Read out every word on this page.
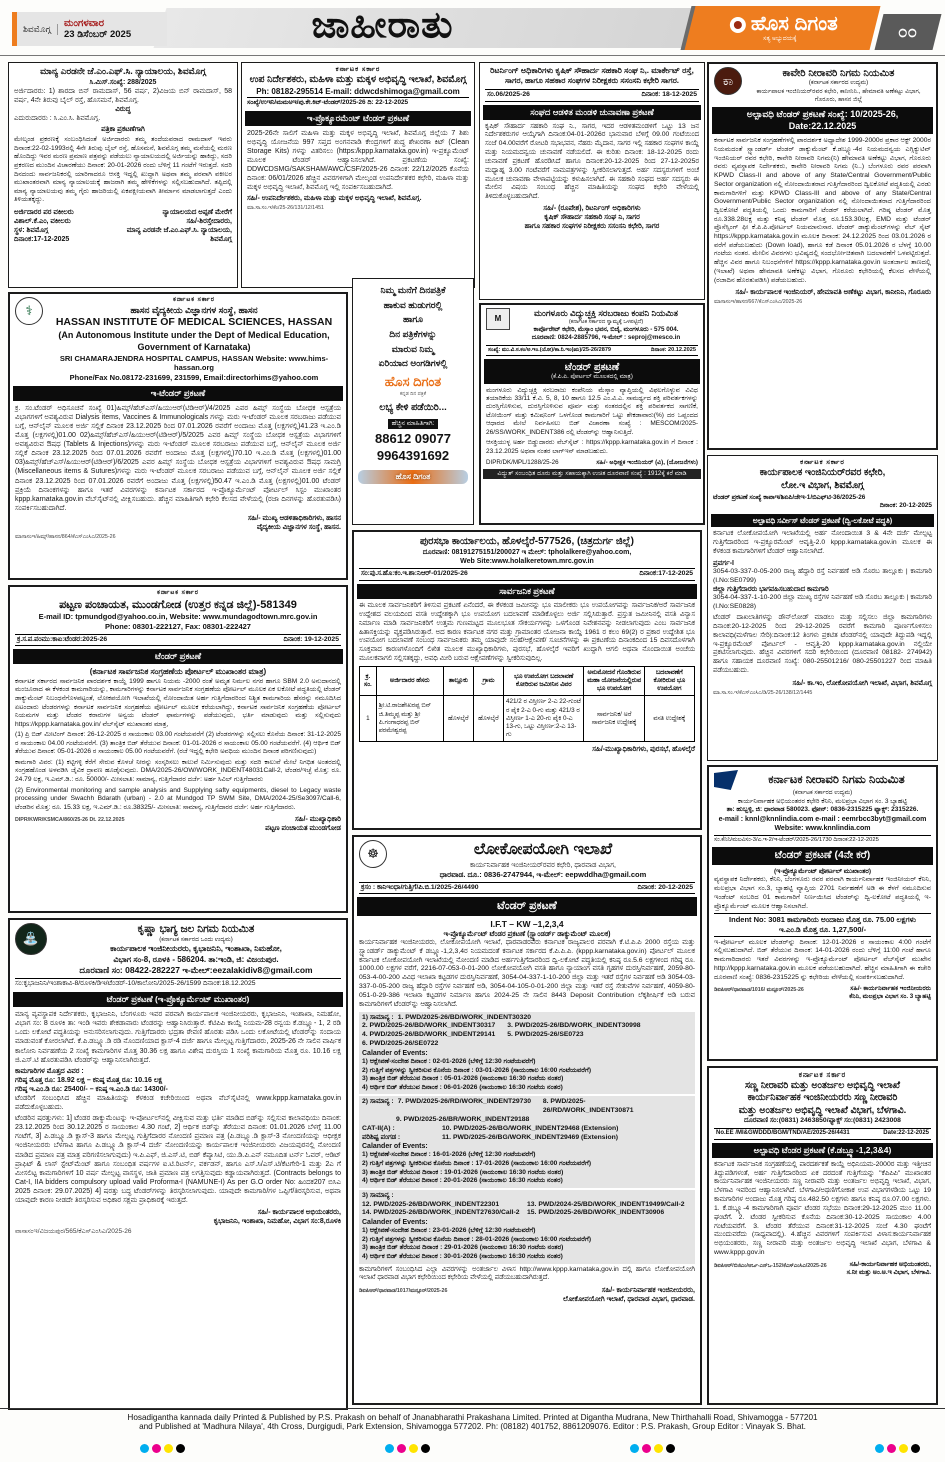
ಶಿವಮೊಗ್ಗ	ಮಂಗಳವಾರ
23 ಡಿಸೆಂಬರ್ 2025	ಜಾಹೀರಾತು	ಹೊಸ ದಿಗಂತ
ಸತ್ಯ ಅಭ್ಯುದಯಕ್ಕೆ	೦೦
ಮಾನ್ಯ ಎರಡನೇ ಜೆ.ಎಂ.ಎಫ್.ಸಿ. ನ್ಯಾಯಾಲಯ, ಶಿವಮೊಗ್ಗ
ಸಿ.ಮಿಸ್.ಸಂಖ್ಯೆ: 288/2025
ಅರ್ಜಿದಾರರು: 1) ಶಾರದಾ ಬಿನ್ ರಾಮದಾಸ್, 56 ವರ್ಷ, 2)ವಿಜಯ ಬಿನ್ ರಾಮದಾಸ್, 58 ವರ್ಷ, 4ನೇ ತಿರುವು ಬೈಲ್ ರಸ್ತೆ, ಹೊಸಮನೆ, ಶಿವಮೊಗ್ಗ.
ವಿರುದ್ಧ
ಎದುರುದಾರರು : ಸಿ.ಎಂ.ಸಿ. ಶಿವಮೊಗ್ಗ.
ಪತ್ರಿಕಾ ಪ್ರಕಟಣೆಗಾಗಿ
ಮೇಲ್ಕಂಡ ಪ್ರಕರಣಕ್ಕೆ ಸಂಬಂಧಿಸಿದಂತೆ ಅರ್ಜಿದಾರರು ತಮ್ಮ ತಂದೆಯವರಾದ ರಾಮದಾಸ್ ಇವರು ದಿನಾಂಕ:22-02-1993ರಲ್ಲಿ 4ನೇ ತಿರುವು ಬೈಲ್ ರಸ್ತೆ, ಹೊಸಮನೆ, ಶಿವಮೊಗ್ಗ ತಮ್ಮ ಮನೆಯಲ್ಲಿ ಮರಣ ಹೊಂದಿದ್ದು ಇವರ ಮರಣ ಪ್ರಮಾಣ ಪತ್ರವನ್ನು ಪಡೆಯಲು ನ್ಯಾಯಾಲಯದಲ್ಲಿ ಅರ್ಜಿಯನ್ನು ಹಾಕಿದ್ದು, ಸದರಿ ಪ್ರಕರಣದ ಮುಂದಿನ ವಿಚಾರಣೆಯು ದಿನಾಂಕ: 20-01-2026 ರಂದು ಬೆಳಿಗ್ಗೆ 11 ಗಂಟೆಗೆ ಇರುತ್ತದೆ. ಸದರಿ ದಿನದಂದು ಸಾರ್ವಜನಿಕರಲ್ಲಿ ಯಾರಿಗಾದರೂ ಆಸಕ್ತಿ ಇದ್ದಲ್ಲಿ ಖುದ್ದಾಗಿ ಅಥವಾ ತಮ್ಮ ಪರವಾಗಿ ವಕೀಲರ ಮುಖಾಂತರವಾಗಿ ಮಾನ್ಯ ನ್ಯಾಯಾಲಯಕ್ಕೆ ಹಾಜರಾಗಿ ತಮ್ಮ ಹೇಳಿಕೆಗಳನ್ನು ಸಲ್ಲಿಸಬಹುದಾಗಿದೆ. ತಪ್ಪಿದಲ್ಲಿ ಮಾನ್ಯ ನ್ಯಾಯಾಲಯವು ತಮ್ಮ ಗೈರು ಹಾಜರಿಯಲ್ಲಿ ಏಕಪಕ್ಷೀಯವಾಗಿ ತೀರ್ಮಾನ ಮಾಡಲಾಗುತ್ತದೆ ಎಂದು ತಿಳಿಯತಕ್ಕದ್ದು.
ಅರ್ಜಿದಾರರ ಪರ ವಕೀಲರು
ವಿಶಾಲ್.ಕೆ.ಎಂ, ವಕೀಲರು
ಸ್ಥಳ: ಶಿವಮೊಗ್ಗ
ದಿನಾಂಕ:17-12-2025
ನ್ಯಾಯಾಲಯದ ಅಪ್ಪಣೆ ಮೇರೆಗೆ
ಸಹಿ/-ಶಿರಸ್ತೇದಾರರು,
ಮಾನ್ಯ ಎರಡನೇ ಜೆ.ಎಂ.ಎಫ್.ಸಿ. ನ್ಯಾಯಾಲಯ,
ಶಿವಮೊಗ್ಗ
ಕರ್ನಾಟಕ ಸರ್ಕಾರ
ಉಪ ನಿರ್ದೇಶಕರು, ಮಹಿಳಾ ಮತ್ತು ಮಕ್ಕಳ ಅಭಿವೃದ್ಧಿ ಇಲಾಖೆ, ಶಿವಮೊಗ್ಗ
Ph: 08182-295514 E-mail: ddwcdshimoga@gmail.com
ಸಂಖ್ಯೆ/ಉಇನಿ/ಮಮಅಇ/ಪು.ಕೇ.ಕಿಟ್-ಟೆಂಡರ್/2025-26 ದಿ: 22-12-2025
ಇ-ಪ್ರೊಕ್ಯೂರಮೆಂಟ್ ಟೆಂಡರ್ ಪ್ರಕಟಣೆ
2025-26ನೇ ಸಾಲಿಗೆ ಮಹಿಳಾ ಮತ್ತು ಮಕ್ಕಳ ಅಭಿವೃದ್ಧಿ ಇಲಾಖೆ, ಶಿವಮೊಗ್ಗ ಜಿಲ್ಲೆಯ 7 ಶಿಶು ಅಭಿವೃದ್ಧಿ ಯೋಜನೆಯ 997 ಸಪ್ತದ ಅಂಗನವಾಡಿ ಕೇಂದ್ರಗಳಿಗೆ ಶುದ್ಧ ಶೇಖರಣಾ ಕಿಟ್ (Clean Storage Kits) ಗಳನ್ನು ವಿತರಿಸಲು (https:/kppp.karnataka.gov.in) ಇ-ಪ್ರಕ್ಯೂಮೆಂಟ್ ಮೂಲಕ ಟೆಂಡರ್ ಆಹ್ವಾನಿಸಲಾಗಿದೆ. ಪ್ರಕಟಣೆಯ ಸಂಖ್ಯೆ: DDWCDSMG/SAKSHAM/AWC/CSF/2025-26 ದಿನಾಂಕ: 22/12/2025 ಕೊನೆಯ ದಿನಾಂಕ: 06/01/2026 ಹೆಚ್ಚಿನ ವಿವರಗಳಿಗಾಗಿ ಮೇಲ್ಕಂಡ ಉಪನಿರ್ದೇಶಕರ ಕಛೇರಿ, ಮಹಿಳಾ ಮತ್ತು ಮಕ್ಕಳ ಅಭಿವೃದ್ಧಿ ಇಲಾಖೆ, ಶಿವಮೊಗ್ಗ ಇಲ್ಲಿ ಸಂಪರ್ಕಿಸಬಹುದಾಗಿದೆ.
ಸಹಿ/- ಉಪನಿರ್ದೇಶಕರು, ಮಹಿಳಾ ಮತ್ತು ಮಕ್ಕಳ ಅಭಿವೃದ್ಧಿ ಇಲಾಖೆ, ಶಿವಮೊಗ್ಗ.
ಮಾ.ಸಾ.ಸಂ.ಇ/ಕೆಂ/25-26/131/12/1451
ರಿಟರ್ನಿಂಗ್ ಅಧಿಕಾರಿಗಳು ಕೃಷಿಕ್ ಸೌಹಾರ್ದ ಸಹಕಾರಿ ಸಂಘ ನಿ,. ಮಾರ್ಕೇಟ್ ರಸ್ತೆ, ಸಾಗರ, ಹಾಗೂ ಸಹಕಾರ ಸಂಘಗಳ ನಿರೀಕ್ಷಕರು ಸಸಂಸನಿ ಕಛೇರಿ ಸಾಗರ.
ಸಂ.06/2025-26	ದಿನಾಂಕ: 18-12-2025
ಸಂಘದ ಆಡಳಿತ ಮಂಡಳಿ ಚುನಾವಣಾ ಪ್ರಕಟಣೆ
ಕೃಷಿಕ್ ಸೌಹಾರ್ದ ಸಹಕಾರಿ ಸಂಘ ನಿ., ಸಾಗರ, ಇದರ ಆಡಳಿತಮಂಡಳಿಗೆ ಒಟ್ಟು 13 ಜನ ನಿರ್ದೇಶಕರುಗಳ ಆಯ್ಕೆಗಾಗಿ ದಿನಾಂಕ:04-01-2026ರ ಭಾನುವಾರ ಬೆಳಿಗ್ಗೆ 09.00 ಗಂಟೆಯಿಂದ ಸಂಜೆ 04.00ವರೆಗೆ ರೋಟರಿ ಸಭಾಭವನ, ನೆಹರು ಮೈದಾನ, ಸಾಗರ ಇಲ್ಲಿ ಸಹಕಾರ ಸಂಘಗಳ ಕಾಯ್ದೆ ಮತ್ತು ನಿಯಮದನ್ವಯ ಚುನಾವಣೆ ನಡೆಯಲಿದೆ. ಈ ಕುರಿತು ದಿನಾಂಕ: 18-12-2025 ರಂದು ಚುನಾವಣೆ ಪ್ರಕಟಣೆ ಹೊರಡಿಸಿದೆ ಹಾಗೂ ದಿನಾಂಕ:20-12-2025 ರಿಂದ 27-12-2025ರ ಮಧ್ಯಾಹ್ನ 3.00 ಗಂಟೆವರೆಗೆ ನಾಮಪತ್ರಗಳನ್ನು ಸ್ವೀಕರಿಸಲಾಗುತ್ತದೆ. ಅರ್ಹ ಸದಸ್ಯರುಗಳಿಗೆ ಅಂಚೆ ಮೂಲಕ ಚುನಾವಣಾ ವೇಳಾಪಟ್ಟಿಯನ್ನು ಕಳುಹಿಸಲಾಗಿದೆ. ಈ ಸಹಕಾರಿ ಸಂಘದ ಅರ್ಹ ಸದಸ್ಯರು ಈ ಮೇಲಿನ ವಿಷಯ ಸಂಬಂಧ ಹೆಚ್ಚಿನ ಮಾಹಿತಿಯನ್ನು ಸಂಘದ ಕಛೇರಿ ವೇಳೆಯಲ್ಲಿ ತಿಳಿದುಕೊಳ್ಳಬಹುದಾಗಿದೆ.
ಸಹಿ/- (ರೂಪೇಶ), ರಿಟರ್ನಿಂಗ್ ಅಧಿಕಾರಿಗಳು
ಕೃಷಿಕ್ ಸೌಹಾರ್ದ ಸಹಕಾರಿ ಸಂಘ ನಿ, ಸಾಗರ
ಹಾಗೂ ಸಹಕಾರ ಸಂಘಗಳ ನಿರೀಕ್ಷಕರು ಸಸಂಸನಿ ಕಛೇರಿ, ಸಾಗರ
ಕಾ	ಕಾವೇರಿ ನೀರಾವರಿ ನಿಗಮ ನಿಯಮಿತ
(ಕರ್ನಾಟಕ ಸರ್ಕಾರದ ಉದ್ಯಮ)
ಕಾರ್ಯಪಾಲಕ ಇಂಜಿನಿಯರ್‌ರವರ ಕಛೇರಿ, ಕಾನೀನಿನಿ., ಹೇಮಾವತಿ ಅಣೆಕಟ್ಟು ವಿಭಾಗ, ಗೊರೂರು, ಹಾಸನ ಜಿಲ್ಲೆ
ಅಲ್ಪಾವಧಿ ಟೆಂಡರ್ ಪ್ರಕಟಣೆ ಸಂಖ್ಯೆ: 10/2025-26, Date:22.12.2025
ಕರ್ನಾಟಕ ಸಾರ್ವಜನಿಕ ಸಂಗ್ರಹಣೆಗಳಲ್ಲಿ ಪಾರದರ್ಶಕ ಅಧ್ಯಾದೇಶ 1999-2000ರ ಪ್ರಕಾರ ಆಕ್ಟ್ 2000ರ ನಿಯಮದಂತೆ ಸ್ಟ್ಯಾಂಡರ್ಡ್ ಟೆಂಡರ್ ಡಾಕ್ಯುಮೆಂಟ್ ಕೆ.ಡಬ್ಲ್ಯೂ-4ರ ನಿಯಮದನ್ವಯ ಎಗ್ಸಿಕ್ಯುಟಿವ್ ಇಂಜಿನಿಯರ್ ರವರ ಕಛೇರಿ, ಕಾವೇರಿ ನೀರಾವರಿ ನಿಗಮ(ನಿ) ಹೇಮಾವತಿ ಅಣೆಕಟ್ಟು ವಿಭಾಗ, ಗೊರೂರು ರವರು ವ್ಯವಸ್ಥಾಪಕ ನಿರ್ದೇಶಕರು, ಕಾವೇರಿ ನೀರಾವರಿ ನಿಗಮ (ನಿ..) ಬೆಂಗಳೂರು ರವರ ಪರವಾಗಿ KPWD Class-II and above of any State/Central Government/Public Sector organization ನಲ್ಲಿ ನೋಂದಾಯಿತರಾದ ಗುತ್ತಿಗೆದಾರರಿಂದ ದ್ವಿಲಕೋಟೆ ಪದ್ಧತಿಯಲ್ಲಿ ಎರಡು ಕಾಮಗಾರಿಗಳಿಗೆ ಮತ್ತು KPWD Class-III and above of any State/Central Government/Public Sector organization ನಲ್ಲಿ ನೋಂದಾಯಿತರಾದ ಗುತ್ತಿಗೆದಾರರಿಂದ ದ್ವಿಲಕೋಟೆ ಪದ್ಧತಿಯಲ್ಲಿ ಒಂದು ಕಾಮಗಾರಿಗೆ ಟೆಂಡರ್ ಕರೆಯಲಾಗಿದೆ. ಗರಿಷ್ಠ ಟೆಂಡರ್ ಮೊತ್ತ ರೂ.338.28ಲಕ್ಷ ಮತ್ತು ಕನಿಷ್ಠ ಟೆಂಡರ್ ಮೊತ್ತ ರೂ.153.30ಲಕ್ಷ, EMD ಮತ್ತು ಟೆಂಡರ್ ಪ್ರೊಸೆಸ್ಸಿಂಗ್ ಫೀ ಕೆ.ಪಿ.ಪಿ.ಪೋರ್ಟಲ್ ನಿಯಮಾನುಸಾರ. ಟೆಂಡರ್ ಡಾಕ್ಯುಮೆಂಟ್‌ಗಳನ್ನು ವೆಬ್ ಸೈಟ್ https://kppp.karnataka.gov.in ಮೂಲಕ ದಿನಾಂಕ: 24.12.2025 ರಿಂದ 03.01.2026 ರ ವರೆಗೆ ಪಡೆಯಬಹುದು (Down load), ಹಾಗೂ ಕಡೆ ದಿನಾಂಕ 05.01.2026 ರ ಬೆಳಗ್ಗೆ 10.00 ಗಂಟೆಯ ನಂತರ. ಮೇಲಿನ ವಿವರಗಳು ಭವಿಷ್ಯದಲ್ಲಿ ಸಂದರ್ಭೋಚಿತವಾಗಿ ಬದಲಾವಣೆಗೆ ಒಳಪಟ್ಟಿರುತ್ತದೆ. ಹೆಚ್ಚಿನ ವಿವರ ಹಾಗೂ ನಿಬಂಧನೆಗಳಿಗೆ https://kppp.karnataka.gov.in ಅಂತರ್ಜಾಲ ತಾಣದಲ್ಲಿ (ಇಲಾಖೆ) ಅಥವಾ ಹೇಮಾವತಿ ಅಣೆಕಟ್ಟು ವಿಭಾಗ, ಗೊರೂರು ಕಛೇರಿಯಲ್ಲಿ ಕೆಲಸದ ವೇಳೆಯಲ್ಲಿ (ರಜಾದಿನ ಹೊರತುಪಡಿಸಿ) ಪಡೆಯಬಹುದು.
ಸಹಿ/- ಕಾರ್ಯಪಾಲಕ ಇಂಜಿನಿಯರ್, ಹೇಮಾವತಿ ಅಣೆಕಟ್ಟು ವಿಭಾಗ, ಕಾನೀನಿನಿ, ಗೊರೂರು
ಮಾಸಾಸಂಇ/ಹಾಸನ/667/ಕೆಎಸ್‌ಎಂಸಿಎ/2025-26
⚕
ಕರ್ನಾಟಕ ಸರ್ಕಾರ
ಹಾಸನ ವೈದ್ಯಕೀಯ ವಿಜ್ಞಾನಗಳ ಸಂಸ್ಥೆ, ಹಾಸನ
HASSAN INSTITUTE OF MEDICAL SCIENCES, HASSAN
(An Autonomous Institute under the Dept of Medical Education, Government of Karnataka)
SRI CHAMARAJENDRA HOSPITAL CAMPUS, HASSAN Website: www.hims-hassan.org
Phone/Fax No.08172-231699, 231599, Email:directorhims@yahoo.com
ಇ-ಟೆಂಡರ್ ಪ್ರಕಟಣೆ
ಕ್ರ. ಸಂ.ಟೆಂಡರ್ ಅಧಿಸೂಚನೆ ಸಂಖ್ಯೆ 01)ಹಿಮ್ಸ್/ಹೆಚ್‌ಎಸ್/ಹಿಯುಆರ್(ಟಿಡಿಆರ್)/4/2025 ಎವರ ಹಿಮ್ಸ್ ಸಂಸ್ಥೆಯ ಬೋಧಕ ಆಸ್ಪತ್ರೆಯ ವಿಭಾಗಗಳಿಗೆ ಅವಶ್ಯವಿರುವ Dialysis items, Vaccines & Immunologicals ಗಳನ್ನು ಮರು ಇ-ಟೆಂಡರ್ ಮೂಲಕ ಸರಬರಾಜು ಪಡೆಯುವ ಬಗ್ಗೆ, ಆನ್‌ಲೈನ್ ಮೂಲಕ ಅರ್ಜಿ ಸಲ್ಲಿಕೆ ದಿನಾಂಕ 23.12.2025 ರಿಂದ 07.01.2026 ರವರೆಗೆ ಅಂದಾಜು ಮೊತ್ತ (ಲಕ್ಷಗಳಲ್ಲಿ)41.23 ಇ.ಎಂ.ಡಿ ಮೊತ್ತ (ಲಕ್ಷಗಳಲ್ಲಿ)01.00 02)ಹಿಮ್ಸ್/ಹೆಚ್‌ಎಸ್/ಹಿಯುಆರ್(ಟಿಡಿಆರ್)/5/2025 ಎವರ ಹಿಮ್ಸ್ ಸಂಸ್ಥೆಯ ಬೋಧಕ ಆಸ್ಪತ್ರೆಯ ವಿಭಾಗಗಳಿಗೆ ಅವಶ್ಯವಿರುವ ಔಷಧ (Tablets & Injections)ಗಳನ್ನು ಮರು ಇ-ಟೆಂಡರ್ ಮೂಲಕ ಸರಬರಾಜು ಪಡೆಯುವ ಬಗ್ಗೆ, ಆನ್‌ಲೈನ್ ಮೂಲಕ ಅರ್ಜಿ ಸಲ್ಲಿಕೆ ದಿನಾಂಕ 23.12.2025 ರಿಂದ 07.01.2026 ರವರೆಗೆ ಅಂದಾಜು ಮೊತ್ತ (ಲಕ್ಷಗಳಲ್ಲಿ)70.10 ಇ.ಎಂ.ಡಿ ಮೊತ್ತ (ಲಕ್ಷಗಳಲ್ಲಿ)01.00 03)ಹಿಮ್ಸ್/ಹೆಚ್‌ಎಸ್/ಹಿಯುಆರ್(ಟಿಡಿಆರ್)/6/2025 ಎವರ ಹಿಮ್ಸ್ ಸಂಸ್ಥೆಯ ಬೋಧಕ ಆಸ್ಪತ್ರೆಯ ವಿಭಾಗಗಳಿಗೆ ಅವಶ್ಯವಿರುವ ಔಷಧ ಸಾಮಗ್ರಿ (Miscellaneous items & Sutures)ಗಳನ್ನು ಮರು ಇ-ಟೆಂಡರ್ ಮೂಲಕ ಸರಬರಾಜು ಪಡೆಯುವ ಬಗ್ಗೆ, ಆನ್‌ಲೈನ್ ಮೂಲಕ ಅರ್ಜಿ ಸಲ್ಲಿಕೆ ದಿನಾಂಕ 23.12.2025 ರಿಂದ 07.01.2026 ರವರೆಗೆ ಅಂದಾಜು ಮೊತ್ತ (ಲಕ್ಷಗಳಲ್ಲಿ)50.47 ಇ.ಎಂ.ಡಿ ಮೊತ್ತ (ಲಕ್ಷಗಳಲ್ಲಿ)01.00 ಟೆಂಡರ್ ಪ್ರಕ್ರಿಯೆ ದಿನಾಂಕಗಳನ್ನು ಹಾಗೂ ಇತರೆ ವಿವರಗಳನ್ನು ಕರ್ನಾಟಕ ಸರ್ಕಾರದ ಇ-ಪ್ರೊಕ್ಯೂರ್ಮೆಂಟ್ ಪೋರ್ಟಲ್ ಸಿಸ್ಟಂ ಮುಖಾಂತರ kppp.karnataka.gov.in ವೆಬ್‌ಸೈಟ್‌ನಲ್ಲಿ ವೀಕ್ಷಿಸಬಹುದು. ಹೆಚ್ಚಿನ ಮಾಹಿತಿಗಾಗಿ ಕಛೇರಿ ಕೆಲಸದ ವೇಳೆಯಲ್ಲಿ (ರಜಾ ದಿನಗಳನ್ನು ಹೊರತುಪಡಿಸಿ) ಸಂಪರ್ಕಿಸಬಹುದಾಗಿದೆ.
ಸಹಿ/- ಮುಖ್ಯ ಆಡಳಿತಾಧಿಕಾರಿಗಳು, ಹಾಸನ
ವೈದ್ಯಕೀಯ ವಿಜ್ಞಾನಗಳ ಸಂಸ್ಥೆ, ಹಾಸನ.
ಮಾಸಾಸಂಇ/ಹಿಮ್ಸ್/ಹಾಸನ/864/ಕೆಎಸ್‌ಎಂಸಿಎ/2025-26
ನಿಮ್ಮ ಮನೆಗೆ ದಿನಪತ್ರಿಕೆ
ಹಾಕುವ ಹುಡುಗರಲ್ಲಿ
ಹಾಗೂ
ದಿನ ಪತ್ರಿಕೆಗಳನ್ನು
ಮಾರುವ ನಿಮ್ಮ
ಏರಿಯಾದ ಅಂಗಡಿಗಳಲ್ಲಿ
ಹೊಸ ದಿಗಂತ
ಕನ್ನಡ ದಿನ ಪತ್ರಿಕೆ
ಲಭ್ಯ ಕೇಳಿ ಪಡೆಯಿರಿ...
ಹೆಚ್ಚಿನ ಮಾಹಿತಿಗಾಗಿ:
88612 09077
9964391692
ಹೊಸ ದಿಗಂತ
M
ಮಂಗಳೂರು ವಿದ್ಯುಚ್ಛಕ್ತಿ ಸರಬರಾಜು ಕಂಪನಿ ನಿಯಮಿತ
(ಕರ್ನಾಟಕ ಸರ್ಕಾರದ ಸ್ವಾಮ್ಯಕ್ಕೆ ಒಳಪಟ್ಟಿದೆ)
ಕಾರ್ಪೊರೇಟ್ ಕಛೇರಿ, ಮೆಸ್ಕಾಂ ಭವನ, ಬಿಜೈ, ಮಂಗಳೂರು - 575 004.
ದೂರವಾಣಿ: 0824-2885796, ಇ-ಮೇಲ್ : seproj@mesco.in
ಸಂಖ್ಯೆ: ಮು.ವಿ.ಸ.ಕಂ/ಅ.ಇಂ.(ಯೋ)/ಕಾ.ನಿ.ಇಂ(ಋ)/25-26/2879	ದಿನಾಂಕ: 20.12.2025
ಟೆಂಡರ್ ಪ್ರಕಟಣೆ
(ಕೆ.ಪಿ.ಪಿ. ಪೋರ್ಟಲ್ ಮೂಲಕದಲ್ಲಿ ಮಾತ್ರ)
ಮಂಗಳೂರು ವಿದ್ಯುಚ್ಛಕ್ತಿ ಸರಬರಾಜು ಕಂಪೆನಿಯ ಮೆಸ್ಕಾಂ ವ್ಯಾಪ್ತಿಯಲ್ಲಿ ವಿಫಲಗೊಳ್ಳುವ ವಿವಿಧ ತಯಾರಿಕೆಯ 33/11 ಕೆ.ವಿ. 5, 8, 10 ಹಾಗೂ 12.5 ಎಂ.ವಿ.ಎ. ಸಾಮರ್ಥ್ಯದ ಶಕ್ತಿ ಪರಿವರ್ತಕಗಳನ್ನು ದುರಸ್ತಿಗೊಳಿಸುವ, ದುರಸ್ತಿಗೊಳಿಸುವ ಪೂರ್ವ ಮತ್ತು ನಂತರದಲ್ಲಿನ ಶಕ್ತಿ ಪರಿವರ್ತಕದ ಸಾಗಣಿಕೆ, ಟೋಯಿಂಗ್ ಮತ್ತು ಕಮಿಷನಿಂಗ್ ಒಳಗೊಂಡ ಕಾಮಗಾರಿಗೆ ಒಟ್ಟು ಶೇಕಡಾವಾರು(%) ದರ ಒಪ್ಪಂದದ ಆಧಾರದ ಮೇಲೆ ನಿರ್ವಹಿಸಲು ಬಿಡ್ ವಿಚಾರಣಾ ಸಂಖ್ಯೆ : MESCOM/2025-26/SS/WORK_INDENT386 ರಲ್ಲಿ ಟೆಂಡರ್‌ನ್ನು ಆಹ್ವಾನಿಸುತ್ತಿದೆ.
ಆಸಕ್ತಿಯುಳ್ಳ ಅರ್ಹ ಬಿಡ್ಡುದಾರರು ವೆಬ್‌ಸೈಟ್ : https://kppp.karnataka.gov.in ಗೆ ದಿನಾಂಕ : 23.12.2025 ಅಥವಾ ನಂತರ ಲಾಗ್‌ಇನ್ ಮಾಡಬಹುದು.
DIPR/DK/MPL/1288/25-26	ಸಹಿ/- ಅಧೀಕ್ಷಕ ಇಂಜಿನಿಯರ್ (ವಿ), (ಯೋಜನೆಗಳು)
ವಿದ್ಯುತ್ ಸಂಬಂಧಿತ ದೂರು ಮತ್ತು ಸಹಾಯಕ್ಕಾಗಿ ಉಚಿತ ದೂರವಾಣಿ ಸಂಖ್ಯೆ : 1912ಕ್ಕೆ ಕರೆ ಮಾಡಿ
ಕರ್ನಾಟಕ ಸರ್ಕಾರ
ಕಾರ್ಯಪಾಲಕ ಇಂಜಿನಿಯರ್‌ರವರ ಕಛೇರಿ,
ಲೋ.ಇ ವಿಭಾಗ, ಶಿವಮೊಗ್ಗ
ಟೆಂಡರ್ ಪ್ರಕಟಣೆ ಸಂಖ್ಯೆ ಕಾಪಾಇ/ಶಿಏಪಿ/ಜೇಇ-1/ಬಿಎಫ್‌ಟಿ-36/2025-26
ದಿನಾಂಕ: 20-12-2025
ಅಲ್ಪಾವಧಿ ಸರ್ವೀಸ್ ಟೆಂಡರ್ ಪ್ರಕಟಣೆ (ದ್ವಿ-ಲಕೋಟೆ ಪದ್ಧತಿ)
ಕರ್ನಾಟಕ ಲೋಕೋಪಯೋಗಿ ಇಲಾಖೆಯಲ್ಲಿ ಅರ್ಹ ನೋಂದಾಯಿತ 3 & 4ನೇ ದರ್ಜೆ ಮೇಲ್ಪಟ್ಟ ಗುತ್ತಿಗೆದಾರರಿಂದ ಇ-ಪ್ರಕ್ಯೂರಮೆಂಟ್ ಆವೃತ್ತಿ-2.0 kppp.karnataka.gov.in ಮೂಲಕ ಈ ಕೆಳಕಂಡ ಕಾಮಗಾರಿಗಳಿಗೆ ಟೆಂಡರ್ ಆಹ್ವಾನಿಸಲಾಗಿದೆ.
ಪ್ರವರ್ಗ-I
3054-03-337-0-05-200 ರಾಜ್ಯ ಹೆದ್ದಾರಿ ರಸ್ತೆ ನಿರ್ವಹಣೆ ಅಡಿ ಸೊರಬ ತಾಲ್ಲೂಕು | ಕಾಮಗಾರಿ (I.No:SE0799)
ಜಿಲ್ಲಾ ಗುತ್ತಿಗೆದಾರರು ಭಾಗವಹಿಸಬಹುದಾದ ಕಾಮಗಾರಿ
3054-04-337-1-10-200 ಜಿಲ್ಲಾ ಮುಖ್ಯ ರಸ್ತೆಗಳ ನಿರ್ವಹಣೆ ಅಡಿ ಸೊರಬ ತಾಲ್ಲೂಕು | ಕಾಮಗಾರಿ (I.No:SE0828)
ಟೆಂಡರ್ ದಾಖಲಾತಿಗಳನ್ನು ಡೌನ್‌ಲೋಡ್ ಮಾಡಲು ಮತ್ತು ಸಲ್ಲಿಸಲು ಜಿಲ್ಲಾ ಕಾಮಗಾರಿಗಳು ದಿನಾಂಕ:20-12-2025 ರಿಂದ 29-12-2025 ರವರೆಗೆ ಕಾಮಗಾರಿ ಪೂರ್ಣಗೊಳಿಸಲು ಕಾಲಾವಧಿ(ಮಳೆಗಾಲ ಸೇರಿ):ದಿನಾಂಕ:12 ತಿಂಗಳು ಪ್ರಕಟಿತ ಟೆಂಡರ್‌ನಲ್ಲಿ ಯಾವುದೇ ತಿದ್ದುಪಡಿ ಇದ್ದಲ್ಲಿ ಇ-ಪ್ರಕ್ಯೂರಮೆಂಟ್ ಪೋರ್ಟಲ್ - ಆವೃತ್ತಿ-20 kppp.karnataka.gov.in ನಲ್ಲಿಯೇ ಪ್ರಕಟಿಸಲಾಗುವುದು. ಹೆಚ್ಚಿನ ವಿವರಗಳಿಗೆ ಸದರಿ ಕಛೇರಿಯಿಂದ (ದೂರವಾಣಿ 08182- 274942) ಹಾಗೂ ಸಹಾಯಕ ದೂರವಾಣಿ ಸಂಖ್ಯೆ: 080-25501216/ 080-25501227 ರಿಂದ ಮಾಹಿತಿ ಪಡೆಯಬಹುದು.
ಸಹಿ/- ಕಾ.ಇಂ, ಲೋಕೋಪಯೋಗಿ ಇಲಾಖೆ, ವಿಭಾಗ, ಶಿವಮೊಗ್ಗ
ಮಾ.ಸಾ.ಸಂ.ಇ/ಕೆಎಸ್‌ಎಂಸಿಎ/ಡಿ/25-26/138/12/1445
ಪುರಸಭಾ ಕಾರ್ಯಾಲಯ, ಹೊಳಲ್ಕೆರೆ-577526, (ಚಿತ್ರದುರ್ಗ ಜಿಲ್ಲೆ)
ದೂರವಾಣಿ: 08191275151/200027 ಇ ಮೇಲ್: tpholalkere@yahoo.com,
Web Site:www.holalkeretown.mrc.gov.in
ಸಂ:ಪು.ಸ.ಹೊ:ಕಂ.ಇ.ಶಾ:ನಿಆರ್-01/2025-26	ದಿನಾಂಕ:17-12-2025
ಸಾರ್ವಜನಿಕ ಪ್ರಕಟಣೆ
ಈ ಮೂಲಕ ಸಾರ್ವಜನಿಕರಿಗೆ ತಿಳಿಸುವ ಪ್ರಕಟಣೆ ಏನೆಂದರೆ, ಈ ಕೆಳಕಂಡ ಜಮೀನನ್ನು ಭೂ ಮಾಲೀಕರು ಭೂ ಉಪಯೋಗವನ್ನು ಸಾರ್ವಜನಿಕ/ಅರೆ ಸಾರ್ವಜನಿಕ ಉದ್ದೇಶದ ವಲಯದಿಂದ ವಸತಿ ಉದ್ದೇಶಕ್ಕಾಗಿ ಭೂ ಉಪಯೋಗ ಬದಲಾವಣೆ ಮಾಡಿಕೊಳ್ಳಲು ಅರ್ಜಿ ಸಲ್ಲಿಸಿರುತ್ತಾರೆ. ಪ್ರಸ್ತುತ ಜಮೀನಿನಲ್ಲಿ ವಸತಿ ವಿನ್ಯಾಸ ನಿರ್ಮಾಣ ಮಾಡಿ ಸಾರ್ವಜನಿಕರಿಗೆ ಉತ್ತಮ ಗುಣಮಟ್ಟದ ಮೂಲಭೂತ ಸೌಕರ್ಯಗಳನ್ನು ಒಳಗೊಂಡ ನಿವೇಶನವನ್ನು ನೀಡಲಾಗುವುದು ಎಂಬ ಸಾರ್ವಜನಿಕ ಹಿತಾಸಕ್ತಿಯನ್ನು ವ್ಯಕ್ತಪಡಿಸಿರುತ್ತಾರೆ. ಅದ ಕಾರಣ ಕರ್ನಾಟಕ ನಗರ ಮತ್ತು ಗ್ರಾಮಾಂತರ ಯೋಜನಾ ಕಾಯ್ದೆ 1961 ರ ಕಲಂ 69(2) ರ ಪ್ರಕಾರ ಉದ್ದೇಶಿತ ಭೂ ಉಪಯೋಗ ಬದಲಾವಣೆ ಸಂಬಂಧ ಸಾರ್ವಜನಿಕರು ತಮ್ಮ ಯಾವುದೇ ಸಲಹೆ/ಆಕ್ಷೇಪಣೆ/ ಸೂಚನೆಗಳನ್ನು ಈ ಪ್ರಕಟಣೆಯ ದಿನಾಂಕದಿಂದ 15 ದಿವಸದೊಳಗಾಗಿ ಸೂಕ್ತವಾದ ಕಾರಣಗಳೊಂದಿಗೆ ಲಿಖಿತ ಮೂಲಕ ಮುಖ್ಯಾಧಿಕಾರಿಗಳು, ಪುರಸಭೆ, ಹೊಳಲ್ಕೆರೆ ಇವರಿಗೆ ಖುದ್ದಾಗಿ ಆಗಲಿ ಅಥವಾ ನೊಂದಾಯಿತ ಅಂಚೆಯ ಮೂಲಕವಾಗಲಿ ಸಲ್ಲಿಸತಕ್ಕದ್ದು, ಅವಧಿ ಮೀರಿ ಬರುವ ಆಕ್ಷೇಪಣೆಗಳನ್ನು ಸ್ವೀಕರಿಸುವುದಿಲ್ಲ.
ಕ್ರ. ಸಂ.	ಅರ್ಜಿದಾರರ ಹೆಸರು	ತಾಲ್ಲೂಕು	ಗ್ರಾಮ	ಭೂ ಉಪಯೋಗ ಬದಲಾವಣೆ ಕೋರಿರುವ ಜಮೀನಿನ ವಿವರ	ಅನುಮೋದನೆ ಗೊಂಡಿರುವ ಮಹಾ ಯೋಜನೆಯಲ್ಲಿರುವ ಭೂ ಉಪಯೋಗ	ಬದಲಾವಣೆಗೆ ಕೋರಿರುವ ಭೂ ಉಪಯೋಗ
1	ಶ್ರೀ.ಟಿ.ರಾಜಶೇಖರಪ್ಪ ಬಿನ್ ಜಿ.ತಿಮ್ಮಪ್ಪ ಮತ್ತು ಶ್ರೀ ಪಿ.ಗಂಗಾಧರಪ್ಪ ಬಿನ್ ಪರಮೇಶ್ವರಪ್ಪ	ಹೊಳಲ್ಕೆರೆ	ಹೊಳಲ್ಕೆರೆ	421/2 ರ ವಿಸ್ತೀರ್ಣ 2-ಎ 22-ಗುಂಟೆ ರ ಪೈಕಿ 2-ಎ 0-ಗು ಮತ್ತು 421/3 ರ ವಿಸ್ತೀರ್ಣ 1-ಎ 20-ಗು ಪೈಕಿ 0-ಎ 13-ಗು, ಒಟ್ಟು ವಿಸ್ತೀರ್ಣ:2-ಎ 13-ಗು	ಸಾರ್ವಜನಿಕ/ ಅರೆ ಸಾರ್ವಜನಿಕ ಉದ್ದೇಶಕ್ಕೆ	ವಸತಿ ಉದ್ದೇಶಕ್ಕೆ
ಸಹಿ/-ಮುಖ್ಯಾಧಿಕಾರಿಗಳು, ಪುರಸಭೆ, ಹೊಳಲ್ಕೆರೆ
ಕರ್ನಾಟಕ ಸರ್ಕಾರ
ಪಟ್ಟಣ ಪಂಚಾಯತ, ಮುಂಡಗೋಡ (ಉತ್ತರ ಕನ್ನಡ ಜಿಲ್ಲೆ)-581349
E-mail ID: tpmundgod@yahoo.co.in, Website: www.mundagodtown.mrc.gov.in
Phone: 08301-222127, Fax: 08301-222427
ಕ್ರ.ಸ.ಪ.ಪಂಮು:ಕಾಏ:ಟೆಂಡರ:2025-26	ದಿನಾಂಕ: 19-12-2025
ಟೆಂಡರ್ ಪ್ರಕಟಣೆ
(ಕರ್ನಾಟಕ ಸಾರ್ವಜನಿಕ ಸಂಗ್ರಹಣೆಯ ಪೋರ್ಟಲ್ ಮುಖಾಂತರ ಮಾತ್ರ)
ಕರ್ನಾಟಕ ಸರ್ಕಾರದ ಸಾರ್ವಜನಿಕ ಪಾರದರ್ಶಕ ಕಾಯ್ದೆ 1999 ಹಾಗೂ ನಿಯಮ -2000 ರಂತೆ ಅಮೃತ ನಿರ್ಮಲ ನಗರ ಹಾಗೂ SBM 2.0 ಅನುದಾನದಲ್ಲಿ ಮಂಜೂರಾದ ಈ ಕೆಳಕಂಡ ಕಾಮಗಾರಿಯನ್ನು, ಕಾಮಗಾರಿಗಳನ್ನು ಕರ್ನಾಟಕ ಸಾರ್ವಜನಿಕ ಸಂಗ್ರಹಣೆಯ ಪೋರ್ಟಲ್ ಮೂಲಕ ಏಕ ಲಕೋಟೆ ಪದ್ಧತಿಯಲ್ಲಿ ಟೆಂಡರ್ ಡಾಕ್ಯುಮೆಂಟ್ ನಿಬಂಧನೆಗೊಳಪಟ್ಟಂತೆ, ಲೋಕಪಯೋಗಿ ಇಲಾಖೆಯಲ್ಲಿ ನೋಂದಾಯಿತ ಅರ್ಹ ಗುತ್ತಿಗೆದಾರರಿಂದ ನಿಶ್ಚಿತ ಕಾಮಗಾರಿಯ ಹೆಸರನ್ನು ನಮೂದಿಸಿದ ಏಟಂದಾರು ಟೆಂಡರಗಳನ್ನು ಕರ್ನಾಟಕ ಸಾರ್ವಜನಿಕ ಸಂಗ್ರಹಣೆಯ ಪೋರ್ಟಲ್ ಮೂಲಕ ಕರೆಯಲಾಗಿದ್ದು, ಕರ್ನಾಟಕ ಸಾರ್ವಜನಿಕ ಸಂಗ್ರಹಣೆಯ ಪೋರ್ಟಲ್ ನಿಯಮಗಳ ಮತ್ತು ಟೆಂಡರ ಕರಾರುಗಳ ಅನ್ವಯ ಟೆಂಡರ್ ಫಾರ್ಮಗಳನ್ನು ಪಡೆಯುವುದು, ಭರ್ತಿ ಮಾಡುವುದು ಮತ್ತು ಸಲ್ಲಿಸುವುದು https://kppp.karnataka.gov.in/ ವೆಬ್‌ಸೈಟ್ ಮುಖಾಂತರ ಮಾತ್ರ,
(1) ಪ್ರಿ ಬಿಡ್ ಮೀಟಿಂಗ್ ದಿನಾಂಕ: 26-12-2025 ರ ಸಾಯಂಕಾಲ 03.00 ಗಂಟೆಯವರೆಗೆ (2) ಟೆಂಡರಗಳನ್ನು ಸಲ್ಲಿಸಲು ಕೊನೆಯ ದಿನಾಂಕ: 31-12-2025 ರ ಸಾಯಂಕಾಲ 04.00 ಗಂಟೆಯವರೆಗೆ. (3) ತಾಂತ್ರಿಕ ಬಿಡ್ ತೆರೆಯುವ ದಿನಾಂಕ: 01-01-2026 ರ ಸಾಯಂಕಾಲ 05.00 ಗಂಟೆಯವರೆಗೆ. (4) ಆರ್ಥಿಕ ಬಿಡ್ ತೆರೆಯುವ ದಿನಾಂಕ: 05-01-2026 ರ ಸಾಯಂಕಾಲ 05.00 ಗಂಟೆಯವರೆಗೆ. (ರಜೆ ಇದ್ದಲ್ಲಿ ಕಛೇರಿ ಅವಧಿಯ ಮುಂದಿನ ದಿನಾಂಕ ಪರಿಗಣಿಸುವುದು)
ಕಾಮಗಾರಿ ವಿವರ: (1) ಕಟ್ಟಿಗಳ್ಳಿ ಕೆರೆಗೆ ಸೇರುವ ಕೊಳಚೆ ನೀರನ್ನು ಸಂಸ್ಕರಿಸಲು ಕಾಲುವೆ ನಿರ್ಮಿಸುವುದು ಮತ್ತು ಸದರಿ ಕಾಲುವೆ ಮೇಲೆ ನಿಗಧಿತ ಅಂತರದಲ್ಲಿ ಸಂಗ್ರಹಹೊಂಡ ಅಳವಡಿಸಿ ಜೈವಿಕ ದ್ರಾವಣ ಹೂಡೈಸುವುದು. DMA/2025-26/OW/WORK_INDENT48031Call-2, ಟೆಂಡರ/ಇಚ್ಛೆ ಮೊತ್ತ: ರೂ. 24.79 ಲಕ್ಷ, ಇ.ಎಮ್.ಡಿ.: ರೂ. 50000/- ಮೀಸಲಾತಿ: ಸಾಮಾನ್ಯ, ಗುತ್ತಿಗೆದಾರರ ದರ್ಜೆ: ಅರ್ಹ ಸಿವಿಲ್ ಗುತ್ತಿಗೆದಾರರು
(2) Environmental monitoring and sample analysis and Supplying safty equipments, diesel to Legacy waste processing under Swachh Bdarath (urban) - 2.0 at Mundgod TP SWM Site, DMA/2024-25/Se3097/Call-6, ಟೆಂಡರಿನ ಮೊತ್ತ: ರೂ. 15.33 ಲಕ್ಷ, ಇ.ಎಮ್.ಡಿ.: ರೂ.38325/- ಮೀಸಲಾತಿ: ಸಾಮಾನ್ಯ, ಗುತ್ತಿಗೆದಾರರ ದರ್ಜೆ: ಅರ್ಹ ಗುತ್ತಿಗೆದಾರರು.
DIPR/KWR/KSMCA/860/25-26 Dt. 22.12.2025	ಸಹಿ/- ಮುಖ್ಯಾಧಿಕಾರಿ
ಪಟ್ಟಣ ಪಂಚಾಯತ ಮುಂಡಗೋಡ
☸	ಲೋಕೋಪಯೋಗಿ ಇಲಾಖೆ
ಕಾರ್ಯನಿರ್ವಾಹಕ ಇಂಜಿನೀಯರ್‌ರವರ ಕಛೇರಿ, ಧಾರವಾಡ ವಿಭಾಗ,
ಧಾರವಾಡ. ದೂ.: 0836-2747944, ಇ-ಮೇಲ್: eepwddha@gmail.com
ಕ್ರಸಂ : ಕಾನಿಇಂಧಾ/ಗುತ್ತಿಗೆ/ಪಿ.ಬಿ.1/2025-26/4490	ದಿನಾಂಕ: 20-12-2025
ಟೆಂಡರ್ ಪ್ರಕಟಣೆ
I.F.T – KW –1,2,3,4
ಇ-ಪ್ರೊಕ್ಯೂರ್ಮೆಂಟ್ ಟೆಂಡರ ಪ್ರಕಟಣೆ (ಸ್ಟ್ಯಾಂಡರ್ಡ್ ಡಾಕ್ಯುಮೆಂಟ್ ಮೂಲಕ)
ಕಾರ್ಯನಿರ್ವಾಹಕ ಇಂಜಿನೀಯರರು, ಲೋಕೋಪಯೋಗಿ ಇಲಾಖೆ, ಧಾರವಾಡರವರು ಕರ್ನಾಟಕ ರಾಜ್ಯಪಾಲರ ಪರವಾಗಿ ಕೆ.ಟಿ.ಪಿ.ಪಿ 2000 ರಸ್ತೆಯ ಮತ್ತು ಸ್ಟ್ಯಾಂಡರ್ಡ್ ಡಾಕ್ಯುಮೆಂಟ್ ಕೆ ಡಬ್ಲ್ಯೂ-1,2,3,4ರ ನಿಯಮದಂತೆ ಕರ್ನಾಟಕ ಸರ್ಕಾರದ ಕೆ.ಪಿ.ಪಿ.ಪಿ. (kppp.karnataka.gov.in) ಪೋರ್ಟಲ್ ಮೂಲಕ ಕರ್ನಾಟಕ ಲೋಕೋಪಯೋಗಿ ಇಲಾಖೆಯಲ್ಲಿ ನೋಂದಣಿ ಮಾಡಿದ ಅರ್ಹಗುತ್ತಿಗೆದಾರರಿಂದ ದ್ವಿ-ಲಕೋಟೆ ಪದ್ಧತಿಯಲ್ಲಿ ಕನಿಷ್ಠ ರೂ.5.6 ಲಕ್ಷಗಳಿಂದ ಗರಿಷ್ಠ ರೂ. 1000.00 ಲಕ್ಷಗಳ ವರೆಗೆ, 2216-07-053-0-01-200 ಲೋಕೋಪಯೋಗಿ ವಸತಿ ಹಾಗೂ ನ್ಯಾಯಾಂಗ ವಸತಿ ಗೃಹಗಳ ದುರಸ್ತಿ/ನಿರ್ವಹಣೆ, 2059-80-053-4-00-200 ವಿವಿಧ ಇಲಾಖಾ ಕಟ್ಟಡಗಳ ದುರಸ್ತಿ/ನಿರ್ವಹಣೆ, 3054-04-337-1-10-200 ಜಿಲ್ಲಾ ಮತ್ತು ಇತರೆ ರಸ್ತೆಗಳ ನಿರ್ವಹಣೆ ಅಡಿ 3054-03-337-0-05-200 ರಾಜ್ಯ ಹೆದ್ದಾರಿ ರಸ್ತೆಗಳ ನಿರ್ವಹಣೆ ಅಡಿ, 3054-04-105-0-01-200 ಜಿಲ್ಲಾ ಮತ್ತು ಇತರೆ ರಸ್ತೆ ಸೇತುವೆಗಳ ನಿರ್ವಹಣೆ, 4059-80-051-0-29-386 ಇಲಾಖಾ ಕಟ್ಟಡಗಳ ನಿರ್ಮಾಣ ಹಾಗೂ 2024-25 ನೇ ಸಾಲಿನ 8443 Deposit Contribution ಲೆಕ್ಕಶೀರ್ಷಿಕೆ ಅಡಿ ಬರುವ ಕಾಮಗಾರಿಗಳಿಗೆ ಟೆಂಡರ್‌ನ್ನು ಆಹ್ವಾನಿಸಲಾಗಿದೆ.
1) ಸಾಮಾನ್ಯ : 1. PWD/2025-26/BD/WORK_INDENT30320
2. PWD/2025-26/BD/WORK_INDENT30317	3. PWD/2025-26/BD/WORK_INDENT30998
4. PWD/2025-26/BD/WORK_INDENT29141	5. PWD/2025-26/SE0723
6. PWD/2025-26/SE0722
Calander of Events:
1) ಆಕ್ಷೇಪಣೆ-ಸಂದೇಹ ದಿನಾಂಕ : 02-01-2026 (ಬೆಳಿಗ್ಗೆ 12:30 ಗಂಟೆಯವರೆಗೆ)
2) ಗುತ್ತಿಗೆ ಪತ್ರಗಳನ್ನು ಸ್ವೀಕರಿಸುವ ಕೊನೆಯ ದಿನಾಂಕ : 03-01-2026 (ಸಾಯಂಕಾಲ 16:00 ಗಂಟೆಯವರೆಗೆ)
3) ತಾಂತ್ರಿಕ ಬಿಡ್ ತೆರೆಯುವ ದಿನಾಂಕ : 05-01-2026 (ಸಾಯಂಕಾಲ 16:30 ಗಂಟೆಯ ನಂತರ)
4) ಆರ್ಥಿಕ ಬಿಡ್ ತೆರೆಯುವ ದಿನಾಂಕ : 06-01-2026 (ಸಾಯಂಕಾಲ 16:30 ಗಂಟೆಯ ನಂತರ)
2) ಸಾಮಾನ್ಯ : 7. PWD/2025-26/RD/WORK_INDENT29730	8. PWD/2025-26/RD/WORK_INDENT30871
9. PWD/2025-26/BR/WORK_INDENT29188
CAT-II(A) :	10. PWD/2025-26/BG/WORK_INDENT29468 (Extension)
ಪರಿಶಿಷ್ಟ ಪಂಗಡ :	11. PWD/2025-26/BG/WORK_INDENT29469 (Extension)
Calander of Events:
1) ಆಕ್ಷೇಪಣೆ-ಸಂದೇಹ ದಿನಾಂಕ : 16-01-2026 (ಬೆಳಿಗ್ಗೆ 12:30 ಗಂಟೆಯವರೆಗೆ)
2) ಗುತ್ತಿಗೆ ಪತ್ರಗಳನ್ನು ಸ್ವೀಕರಿಸುವ ಕೊನೆಯ ದಿನಾಂಕ : 17-01-2026 (ಸಾಯಂಕಾಲ 16:00 ಗಂಟೆಯವರೆಗೆ)
3) ತಾಂತ್ರಿಕ ಬಿಡ್ ತೆರೆಯುವ ದಿನಾಂಕ : 19-01-2026 (ಸಾಯಂಕಾಲ 16:30 ಗಂಟೆಯ ನಂತರ)
4) ಆರ್ಥಿಕ ಬಿಡ್ ತೆರೆಯುವ ದಿನಾಂಕ : 20-01-2026 (ಸಾಯಂಕಾಲ 16:30 ಗಂಟೆಯ ನಂತರ)
3) ಸಾಮಾನ್ಯ :
12. PWD/2025-26/BD/WORK_INDENT22301	13. PWD/2024-25/BD/WORK_INDENT19499/Call-2
14. PWD/2025-26/BD/WORK_INDENT27630/Call-2	15. PWD/2025-26/BD/WORK_INDENT30906
Calander of Events:
1) ಆಕ್ಷೇಪಣೆ-ಸಂದೇಹ ದಿನಾಂಕ : 23-01-2026 (ಬೆಳಿಗ್ಗೆ 12:30 ಗಂಟೆಯವರೆಗೆ)
2) ಗುತ್ತಿಗೆ ಪತ್ರಗಳನ್ನು ಸ್ವೀಕರಿಸುವ ಕೊನೆಯ ದಿನಾಂಕ : 28-01-2026 (ಸಾಯಂಕಾಲ 16:00 ಗಂಟೆಯವರೆಗೆ)
3) ತಾಂತ್ರಿಕ ಬಿಡ್ ತೆರೆಯುವ ದಿನಾಂಕ : 29-01-2026 (ಸಾಯಂಕಾಲ 16:30 ಗಂಟೆಯ ನಂತರ)
4) ಆರ್ಥಿಕ ಬಿಡ್ ತೆರೆಯುವ ದಿನಾಂಕ : 30-01-2026 (ಸಾಯಂಕಾಲ 16:30 ಗಂಟೆಯ ನಂತರ)
ಕಾಮಗಾರಿಗಳಿಗೆ ಸಂಬಂಧಿಸಿದ ಎಲ್ಲಾ ವಿವರಗಳನ್ನು ಅಂತರ್ಜಾಲ ವಿಳಾಸ http://www.kppp.karnataka,gov.in ದಲ್ಲಿ ಹಾಗೂ ಲೋಕೋಪಯೋಗಿ ಇಲಾಖೆ ಧಾರವಾಡ ವಿಭಾಗ ಕಛೇರಿಯಿಂದ ಕಛೇರಿಯ ವೇಳೆಯಲ್ಲಿ ಪಡೆಯಬಹುದಾಗಿರುತ್ತದೆ.
ಡಿಐಪಿಆರ್/ಧಾರವಾಡ/1017/ಮನ್ಸೂರ್/2025-26	ಸಹಿ/- ಕಾರ್ಯನಿರ್ವಾಹಕ ಇಂಜಿನೀಯರರು,
ಲೋಕೋಪಯೋಗಿ ಇಲಾಖೆ, ಧಾರವಾಡ ವಿಭಾಗ, ಧಾರವಾಡ.
⛲
ಕೃಷ್ಣಾ ಭಾಗ್ಯ ಜಲ ನಿಗಮ ನಿಯಮಿತ
(ಕರ್ನಾಟಕ ಸರ್ಕಾರದ ಒಂದು ಉದ್ಯಮ)
ಕಾರ್ಯಪಾಲಕ ಇಂಜಿನೀಯರರು, ಕೃಭಾಜನಿನಿ, ಇಂಶಾಖಾ, ನಿಮಹೋ,
ವಿಭಾಗ ಸಂ-8, ರೂಳಕಿ - 586204. ತಾ:ಇಂಡಿ, ಜಿ: ವಿಜಯಪುರ.
ದೂರವಾಣಿ ಸಂ: 08422-282227 ಇ-ಮೇಲ್:eezalakidiv8@gmail.com
ಸಂ:ಕೃಭಾಜನಿನಿ/ಇಂಶಾಕಾವಿ-8/ರೂಳಕಿ/ಡಿಇ/ಟೆಂಡರ್-10/ಕಾಲೋನಿ/2025-26/1599 ದಿನಾಂಕ:18.12.2025
ಟೆಂಡರ್ ಪ್ರಕಟಣೆ (ಇ-ಪ್ರೊಕ್ಯೂರ್ಮೆಂಟ್ ಮುಖಾಂತರ)
ಮಾನ್ಯ ವ್ಯವಸ್ಥಾಪಕ ನಿರ್ದೇಶಕರು, ಕೃಭಾಜನಿನಿ, ಬೆಂಗಳೂರು ಇವರ ಪರವಾಗಿ ಕಾರ್ಯಪಾಲಕ ಇಂಜಿನೀಯರರು, ಕೃಭಾಜನಿನಿ, ಇಂಶಾಖಾ, ನಿಮಹೋ, ವಿಭಾಗ ಸಂ: 8 ರೂಳಕಿ ತಾ: ಇಂಡಿ ಇವರು ಶೇಕಡಾವಾರು ಟೆಂಡರನ್ನು ಆಹ್ವಾನಿಸಿರುತ್ತಾರೆ. ಕೆಟಿಪಿಪಿ ಕಾಯ್ದೆ ನಿಯಮ-28 ರನ್ವಯ ಕೆ.ಡಬ್ಲ್ಯೂ- 1, 2 ರಡಿ ಒಂದು ಲಕೋಟೆ ಪದ್ಧತಿಯನ್ನು ಅನುಸರಿಸಲಾಗುವುದು. ಗುತ್ತಿಗೆದಾರರು ಭದ್ರತಾ ಠೇವಣಿ ಹೊರತು ಪಡಿಸಿ ಒಂದು ಲಕೋಟೆಯಲ್ಲಿ ಟೆಂಡರ್‌ನ್ನು ಸಂದಾಯ ಮಾಡುವಂತೆ ಕೋರಲಾಗಿದೆ. ಕೆ.ಪಿ.ಡಬ್ಲ್ಯೂ.ಡಿ ರಡಿ ನೊಂದಣಿಯಾದ ಕ್ಲಾಸ್-4 ದರ್ಜೆ ಹಾಗೂ ಮೇಲ್ಪಟ್ಟ ಗುತ್ತಿಗೆದಾರರು, 2025-26 ನೇ ಸಾಲಿನ ವಾರ್ಷಿಕ ಕಾಲೋನಿ ನಿರ್ವಹಣೆಯ 2 ಸಂಖ್ಯೆ ಕಾಮಗಾರಿಗಳ ಮೊತ್ತ 30.36 ಲಕ್ಷ ಹಾಗೂ ವಿಶೇಷ ದುರಸ್ತಿಯ 1 ಸಂಖ್ಯೆ ಕಾಮಗಾರಿಯ ಮೊತ್ತ ರೂ. 10.16 ಲಕ್ಷ ಜಿ.ಎಸ್.ಟಿ ಹೊರತುಪಡಿಸಿ ಟೆಂಡರ್‌ನ್ನು ಆಹ್ವಾನಿಸಲಾಗಿರುತ್ತದೆ.
ಕಾಮಗಾರಿಗಳ ಮೊತ್ತದ ವಿವರ :
ಗರಿಷ್ಠ ಮೊತ್ತ ರೂ: 18.92 ಲಕ್ಷ – ಕನಿಷ್ಠ ಮೊತ್ತ ರೂ: 10.16 ಲಕ್ಷ
ಗರಿಷ್ಠ ಇ.ಎಂ.ಡಿ ರೂ: 25400/- – ಕನಿಷ್ಠ ಇ.ಎಂ.ಡಿ ರೂ: 14300/-
ಟೆಂಡರಿಗೆ ಸಂಬಂಧಿಸಿದ ಹೆಚ್ಚಿನ ಮಾಹಿತಿಯನ್ನು ಕೆಳಕಂಡ ಕಚೇರಿಯಿಂದ ಅಥವಾ ವೆಬ್‌ಸೈಟಿನಲ್ಲಿ www.kppp.karnataka.gov.in ಪಡೆದುಕೊಳ್ಳಬಹುದು.
ಟೆಂಡರಿನ ಷರತ್ತುಗಳು: 1] ಟೆಂಡರ ಡಾಕ್ಯುಮೆಂಟನ್ನು ಇ-ಪೋರ್ಟಲ್‌ನಲ್ಲಿ ವೀಕ್ಷಿಸುವ ಮತ್ತು ಭರ್ತಿ ಮಾಡಿದ ಬಿಡ್‌ನ್ನು ಸಲ್ಲಿಸುವ ಕಾಲಾವಧಿಯು ದಿನಾಂಕ: 23.12.2025 ರಿಂದ 30.12.2025 ರ ಸಾಯಂಕಾಲ 4.30 ಗಂಟೆ, 2] ಆರ್ಥಿಕ ಬಿಡ್‌ನ್ನು ತೆರೆಯುವ ದಿನಾಂಕ: 01.01.2026 ಬೆಳಗ್ಗೆ 11.00 ಗಂಟೆಗೆ, 3] ಪಿ.ಡಬ್ಲ್ಯೂ.ಡಿ ಕ್ಲಾಸ್-3 ಹಾಗೂ ಮೇಲ್ಪಟ್ಟ ಗುತ್ತಿಗೆದಾರರ ನೋಂದಣಿ ಪ್ರಮಾಣ ಪತ್ರ (ಪಿ.ಡಬ್ಲ್ಯೂ.ಡಿ ಕ್ಲಾಸ್-3 ನೋಂದಣಿಯನ್ನು ಆಧೀಕ್ಷಕ ಇಂಜಿನೀಯರರು ಬೆಳಗಾವಿ ಹಾಗೂ ಪಿ.ಡಬ್ಲ್ಯೂ.ಡಿ ಕ್ಲಾಸ್-4 ದರ್ಜೆ ನೋಂದಣಿಯನ್ನು ಕಾರ್ಯಪಾಲಕ ಇಂಜಿನೀಯರರು ವಿಜಯಪುರನಲ್ಲಿ ನೋಂದಣಿ ಮಾಡಿದ ಪ್ರಮಾಣ ಪತ್ರ ಮಾತ್ರ ಪರಿಗಣಿಸಲಾಗುವುದು) ಇ.ಪಿ.ಎಫ್, ಜಿ.ಎಸ್.ಟಿ, ಬಿಡ್ ಕೆಪ್ಯಾಸಿಟಿ, ಯು.ಡಿ.ಪಿ.ಎನ್ ನಮೂದಿತ ಟರ್ನ್ ಓವರ್, ಆಡಿಟ್ ಪ್ರಾಫಿಟ್ & ಲಾಸ್ ಸ್ಟೇಟ್‌ಮೆಂಟ್ ಹಾಗೂ ಸಂಬಂಧಿತ ವರ್ಷಗಳ ಐ.ಟಿ.ರಿಟರ್ನ್, ವರ್ಕಡನ್, ಹಾಗೂ ಎಸ್.ಸಿ/ಎಸ್.ಟಿ/ಕೆಟಗೇರಿ-1 ಮತ್ತು 2ಎ ಗೆ ಮೀಸಲಿಟ್ಟ ಕಾಮಗಾರಿಗಳಿಗೆ 10 ವರ್ಷ ಮೇಲ್ಪಟ್ಟ ವಾಸಸ್ಥಳ, ಜಾತಿ ಪ್ರಮಾಣ ಪತ್ರ ಲಗತ್ತಿಸುವುದು ಕಡ್ಡಾಯವಾಗಿರುತ್ತದೆ. (Contracts belongs to Cat-I, IIA bidders compulsory upload valid Proforma-I (NAMUNE-I) As per G.O order No: ಹಿಂದಕ207 ಬಿಸಿಎ 2025 ದಿನಾಂಕ: 29.07.2025) 4] ಷರತ್ತು ಬದ್ಧ ಟೆಂಡರ್‌ಗಳನ್ನು ತಿರಸ್ಕರಿಸಲಾಗುವುದು. ಯಾವುದೇ ಕಾಮಗಾರಿ/ಗಳ ಒಪ್ಪಿಗೆ/ತಿರಸ್ಕರಿಸುವ, ಅಥವಾ ಯಾವುದೇ ಕಾರಣ ನೀಡದೇ ತಿರಸ್ಕರಿಸುವ ಅಧಿಕಾರ ಸಕ್ಷಮ ಪ್ರಾಧಿಕಾರಕ್ಕೆ ಇರುತ್ತದೆ.
ಸಹಿ/- ಕಾರ್ಯಪಾಲಕ ಅಭಿಯಂತರರು,
ಕೃಭಾಜನಿನಿ, ಇಂಶಾಖಾ, ನಿಮಹೋ, ವಿಭಾಗ ಸಂ:8,ರೂಳಕಿ
ವಾಸಾಸಂಇ/ವಿಜಯಪುರ/565/ಕೆಎಸ್‌ಎಂಸಿಎ/2025-26
ಕರ್ನಾಟಕ ನೀರಾವರಿ ನಿಗಮ ನಿಯಮಿತ
(ಕರ್ನಾಟಕ ಸರ್ಕಾರದ ಉದ್ಯಮ)
ಕಾರ್ಯನಿರ್ವಾಹಕ ಅಭಿಯಂತರರ ಕಛೇರಿ ಕೆನಿನಿ, ಮಲಪ್ರಭಾ ವಿಭಾಗ ಸಂ. 3 ಬ್ಯಾಹಟ್ಟಿ
ತಾ: ಹುಬ್ಬಳ್ಳಿ, ಜಿ: ಧಾರವಾಡ 580023. ಫೋನ್: 0836-2315225 ಫ್ಯಾಕ್ಸ್: 2315226.
e-mail : knnl@knnlindia.com e-mail : eemrbcc3byt@gmail.com
Website: www.knnlindia.com
ಸಂ.ಕೆನಿನಿ/ಮಲವಿಸಂ-3/ಎ.ಇ-2/ಇ-ಟೆಂಡರ್/2025-26/1730 ದಿನಾಂಕ:22-12-2025
ಟೆಂಡರ್ ಪ್ರಕಟಣೆ (4ನೇ ಕರೆ)
(ಇ-ಪ್ರೊಕ್ಯೂರ್ಮೆಂಟ್ ಪೋರ್ಟಲ್ ಮುಖಾಂತರ)
ವ್ಯವಸ್ಥಾಪಕ ನಿರ್ದೇಶಕರು, ಕೆನಿನಿ, ಬೆಂಗಳೂರು ರವರ ಪರವಾಗಿ ಕಾರ್ಯನಿರ್ವಾಹಕ ಇಂಜಿನೀಯರ್ ಕೆನಿನಿ, ಮಲಪ್ರಭಾ ವಿಭಾಗ ಸಂ.3, ಬ್ಯಾಹಟ್ಟಿ ವ್ಯಾಪ್ತಿಯ 2701 ನಿರ್ವಹಣೆಗೆ ಅಡಿ ಈ ಕೆಳಗೆ ನಮೂದಿಸುವ ಇಂಡೆಂಟ್ ಸಂಬರಿದ 01 ಕಾಮಗಾರಿಗೆ ನಿರ್ಣಯಿಸಿದ ಟೆಂಡರ್‌ನ್ನು ದ್ವಿ-ಲಕೋಟೆ ಪದ್ಧತಿಯಲ್ಲಿ ಇ-ಪ್ರೊಕ್ಯೂರ್ಮೆಂಟ್ ಮೂಲಕ ಆಹ್ವಾನಿಸಲಾಗಿದೆ.
Indent No: 3081 ಕಾಮಗಾರಿಯ ಅಂದಾಜು ಮೊತ್ತ ರೂ. 75.00 ಲಕ್ಷಗಳು
ಇ.ಎಂ.ಡಿ ಮೊತ್ತ ರೂ. 1,27,500/-
ಇ-ಪೋರ್ಟಲ್ ಮೂಲಕ ಟೆಂಡರ್‌ನ್ನು ದಿನಾಂಕ: 12-01-2026 ರ ಸಾಯಂಕಾಲ 4:00 ಗಂಟೆಗೆ ಸಲ್ಲಿಸಬಹುದಾಗಿದೆ. ಬಿಡ್ ತೆರೆಯುವ ದಿನಾಂಕ: 14-01-2026 ರಂದು ಬೆಳಿಗ್ಗೆ 11:00 ಗಂಟೆ ಹಾಗೂ ಕಾಮಗಾರಿದಾರರು ಇತರೆ ವಿವರಗಳನ್ನು ಇ-ಪ್ರೊಕ್ಯೂರ್ಮೆಂಟ್ ಪೋರ್ಟಲ್ ವೆಬ್‌ಸೈಟ್ ಮುಖೇನ http://kppp.karnataka.gov.in ಮೂಲಕ ಪಡೆಯಬಹುದಾಗಿದೆ. ಹೆಚ್ಚಿನ ಮಾಹಿತಿಗಾಗಿ ಈ ಕಚೇರಿ ದೂರವಾಣಿ ಸಂಖ್ಯೆ: 0836-2315225 ನ್ನು ಕಛೇರಿಯ ವೇಳೆಯಲ್ಲಿ ಸಂಪರ್ಕಿಸಬಹುದಾಗಿದೆ.
ಡಿಐಪಿಆರ್/ಧಾರವಾಡ/1016/ ಮನ್ಸೂರ್/2025-26	ಸಹಿ/- ಕಾರ್ಯನಿರ್ವಾಹಕ ಇಂಜಿನೀಯರರು
ಕೆನಿನಿ, ಮಲಪ್ರಭಾ ವಿಭಾಗ ಸಂ. 3 ಬ್ಯಾಹಟ್ಟಿ
ಕರ್ನಾಟಕ ಸರ್ಕಾರ
ಸಣ್ಣ ನೀರಾವರಿ ಮತ್ತು ಅಂತರ್ಜಲ ಅಭಿವೃದ್ಧಿ ಇಲಾಖೆ
ಕಾರ್ಯನಿರ್ವಾಹಕ ಇಂಜಿನೀಯರರು ಸಣ್ಣ ನೀರಾವರಿ
ಮತ್ತು ಅಂತರ್ಜಲ ಅಭಿವೃದ್ಧಿ ಇಲಾಖೆ ವಿಭಾಗ, ಬೆಳಗಾವಿ.
ದೂರವಾಣಿ ಸಂ:(0831) 2463850/ಫ್ಯಾಕ್ಸ್ ಸಂ:(0831) 2423008
No.EE /MI&GWDDD/BGM/TND/AE/2025-26/4431	Date:22-12-2025
ಅಲ್ಪಾವಧಿ ಟೆಂಡರ ಪ್ರಕಟಣೆ (ಕೆ.ಡಬ್ಲ್ಯೂ-1,2,3&4)
ಕರ್ನಾಟಕ ಸಾರ್ವಜನಿಕ ಸಂಗ್ರಹಣೆಯಲ್ಲಿ ಪಾರದರ್ಶಕತೆ ಕಾಯ್ದೆ ಅಧಿನಿಯಮ-2000ರ ಮತ್ತು ಇತ್ತೀಚಿನ ತಿದ್ದುಪಡಿಗಳಂತೆ, ಅರ್ಹ ಗುತ್ತಿಗೆದಾರರಿಂದ ಏಕ ದರದಂತೆ ಗುತ್ತಿಗೆಯನ್ನು "ಕೆಪಿಪಿಪಿ" ಮುಖಾಂತರ ಕಾರ್ಯನಿರ್ವಾಹಕ ಇಂಜಿನೀಯರರು ಸಣ್ಣ ನೀರಾವರಿ ಮತ್ತು ಅಂತರ್ಜಲ ಅಭಿವೃದ್ಧಿ ಇಲಾಖೆ, ವಿಭಾಗ, ಬೆಳಗಾವಿ ಇವರಿಂದ ಆಹ್ವಾನಿಸಲಾಗಿದೆ. ಬೆಳಗಾವಿ/ಅಥಣಿ/ಗೋಕಾಕ ಉಪ ವಿಭಾಗಗಳಡಿಯ ಒಟ್ಟು 19 ಕಾಮಗಾರಿಗಳ ಅಂದಾಜು ಮೊತ್ತ ಗರಿಷ್ಠ ರೂ.482.50 ಲಕ್ಷಗಳು ಹಾಗೂ ಕನಿಷ್ಠ ರೂ.07.00 ಲಕ್ಷಗಳು. 1. ಕೆ.ಡಬ್ಲ್ಯೂ-4 ಕಾಮಗಾರಿಗಾಗಿ ಪೂರ್ವ ಟೆಂಡರ ಸಭೆಯು ದಿನಾಂಕ:29-12-2025 ಮುಂ 11.00 ಘಂಟೆಗೆ. 2. ಟೆಂಡರ ಸ್ವೀಕರಿಸುವ ಕೊನೆಯ ದಿನಾಂಕ:30-12-2025 ಸಾಯಂಕಾಲ 4.00 ಗಂಟೆಯವರೆಗೆ. 3. ಟೆಂಡರ ತೆರೆಯುವ ದಿನಾಂಕ:31-12-2025 ಸಂಜೆ 4.30 ಘಂಟೆಗೆ ಮುಂದುವರೆದು (ಸಾಧ್ಯವಾದಲ್ಲಿ). 4.ಹೆಚ್ಚಿನ ವಿವರಗಳಿಗೆ ಸಂಪರ್ಕಿಸುವ ವಿಳಾಸ:ಕಾರ್ಯನಿರ್ವಾಹಕ ಅಭಿಯಂತರರು, ಸಣ್ಣ ನೀರಾವರಿ ಮತ್ತು ಅಂತರ್ಜಲ ಅಭಿವೃದ್ಧಿ ಇಲಾಖೆ ವಿಭಾಗ, ಬೆಳಗಾವಿ & www.kppp.gov.in
ಡಿಐಪಿಆರ್/ಬಿಜಿಎಂ/ಆರ್ಒ-ಎನ್ಒ-152/ಕೆಎಸ್ಎಂಸಿಎ/2025-26	ಸಹಿ/-ಕಾರ್ಯನಿರ್ವಾಹಕ ಅಭಿಯಂತರರು,
ಸ.ನೀ ಮತ್ತು ಅಂ.ಅ.ಇ ವಿಭಾಗ, ಬೆಳಗಾವಿ.
Hosadigantha kannada daily Printed & Published by P.S. Prakash on behalf of Jnanabharathi Prakashana Limited. Printed at Digantha Mudrana, New Thirthahalli Road, Shivamogga - 577201
and Published at 'Madhura Nilaya', 4th Cross, Durgigudi, Park Extension, Shivamogga 577202. Ph: (08182) 401752, 8861209076. Editor : P.S. Prakash, Group Editor : Vinayak S. Bhat.
